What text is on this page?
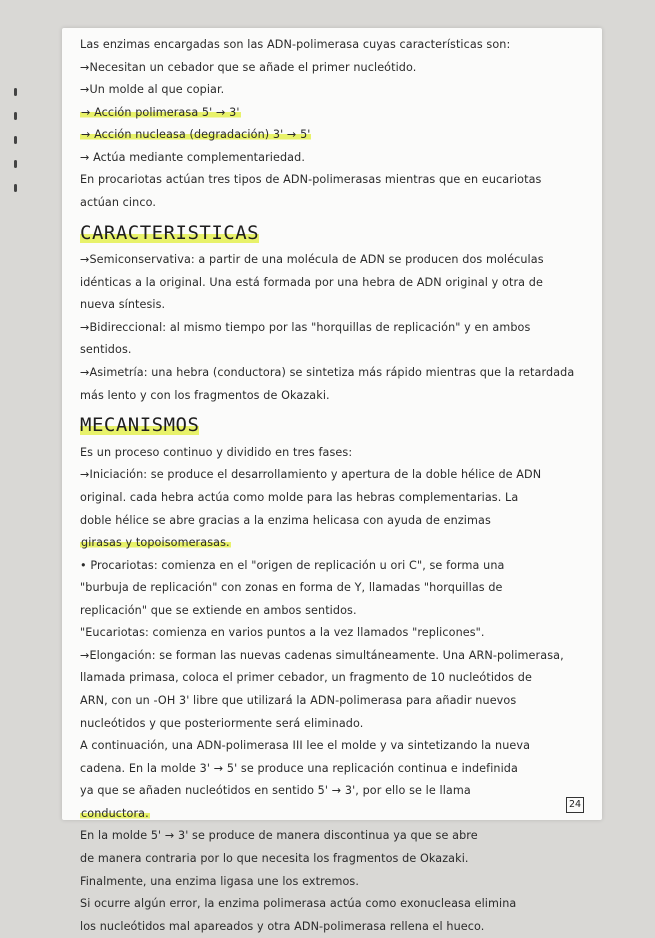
Las enzimas encargadas son las ADN-polimerasa cuyas características son:

→Necesitan un cebador que se añade el primer nucleótido.

→Un molde al que copiar.

→ Acción polimerasa 5' → 3'

→ Acción nucleasa (degradación) 3' → 5'

→ Actúa mediante complementariedad.

En procariotas actúan tres tipos de ADN-polimerasas mientras que en eucariotas

actúan cinco.

CARACTERISTICAS

→Semiconservativa: a partir de una molécula de ADN se producen dos moléculas

idénticas a la original. Una está formada por una hebra de ADN original y otra de

nueva síntesis.

→Bidireccional: al mismo tiempo por las "horquillas de replicación" y en ambos

sentidos.

→Asimetría: una hebra (conductora) se sintetiza más rápido mientras que la retardada

más lento y con los fragmentos de Okazaki.

MECANISMOS

Es un proceso continuo y dividido en tres fases:

→Iniciación: se produce el desarrollamiento y apertura de la doble hélice de ADN

original. cada hebra actúa como molde para las hebras complementarias. La

doble hélice se abre gracias a la enzima helicasa con ayuda de enzimas

girasas y topoisomerasas.

• Procariotas: comienza en el "origen de replicación u ori C", se forma una

"burbuja de replicación" con zonas en forma de Y, llamadas "horquillas de

replicación" que se extiende en ambos sentidos.

"Eucariotas: comienza en varios puntos a la vez llamados "replicones".

→Elongación: se forman las nuevas cadenas simultáneamente. Una ARN-polimerasa,

llamada primasa, coloca el primer cebador, un fragmento de 10 nucleótidos de

ARN, con un -OH 3' libre que utilizará la ADN-polimerasa para añadir nuevos

nucleótidos y que posteriormente será eliminado.

A continuación, una ADN-polimerasa III lee el molde y va sintetizando la nueva

cadena. En la molde 3' → 5' se produce una replicación continua e indefinida

ya que se añaden nucleótidos en sentido 5' → 3', por ello se le llama

conductora.

En la molde 5' → 3' se produce de manera discontinua ya que se abre

de manera contraria por lo que necesita los fragmentos de Okazaki.

Finalmente, una enzima ligasa une los extremos.

Si ocurre algún error, la enzima polimerasa actúa como exonucleasa elimina

los nucleótidos mal apareados y otra ADN-polimerasa rellena el hueco.

24
